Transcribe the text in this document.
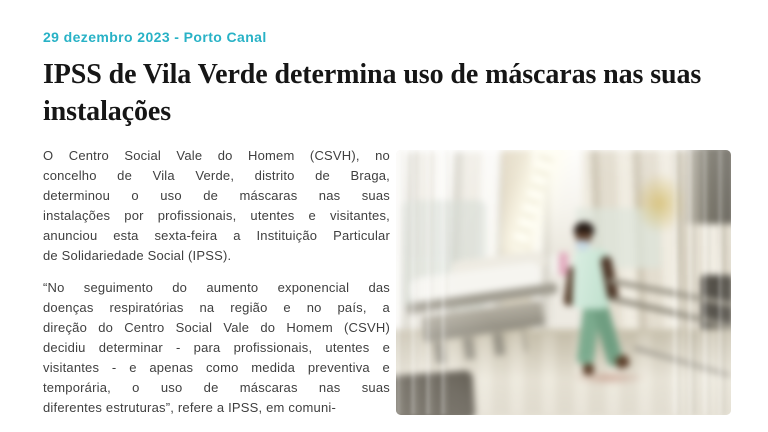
29 dezembro 2023 - Porto Canal
IPSS de Vila Verde determina uso de máscaras nas suas instalações
O Centro Social Vale do Homem (CSVH), no
concelho de Vila Verde, distrito de Braga,
determinou o uso de máscaras nas suas
instalações por profissionais, utentes e visitantes,
anunciou esta sexta-feira a Instituição Particular
de Solidariedade Social (IPSS).
“No seguimento do aumento exponencial das
doenças respiratórias na região e no país, a
direção do Centro Social Vale do Homem (CSVH)
decidiu determinar - para profissionais, utentes e
visitantes - e apenas como medida preventiva e
temporária, o uso de máscaras nas suas
diferentes estruturas”, refere a IPSS, em comuni-
